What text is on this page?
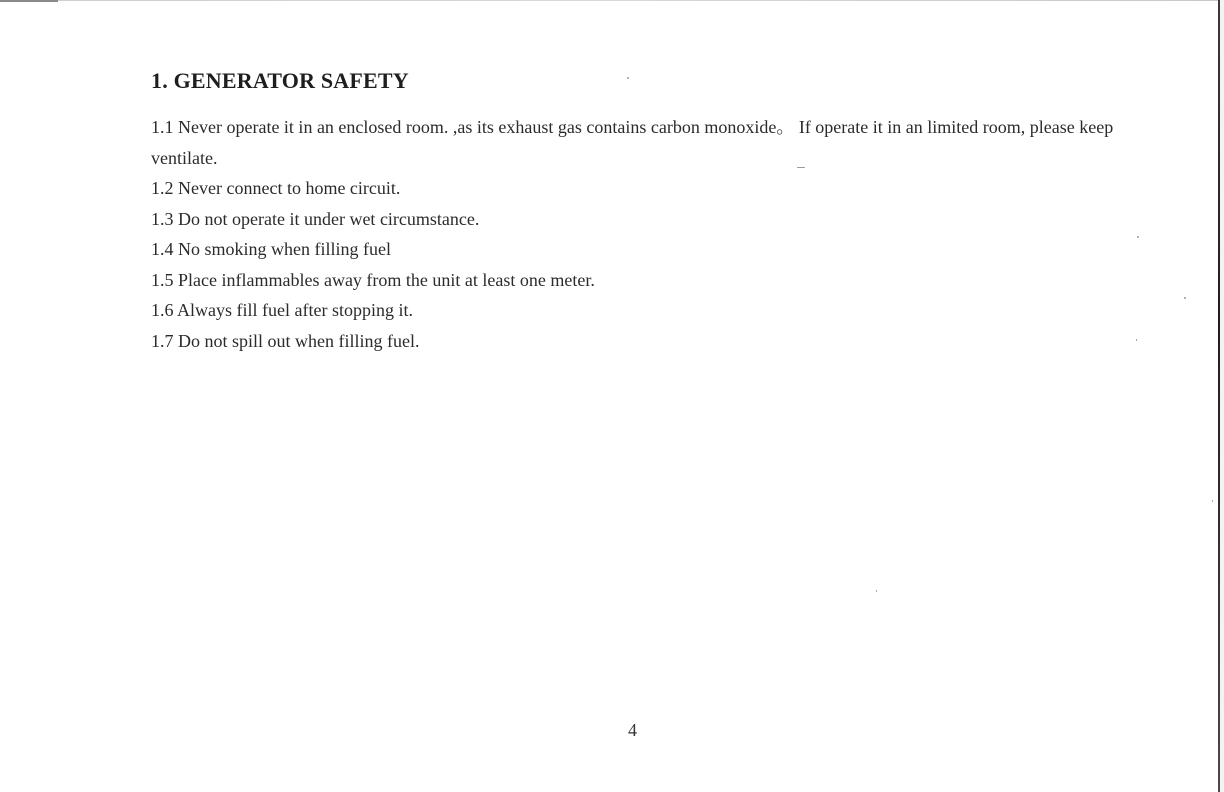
1. GENERATOR SAFETY

1.1 Never operate it in an enclosed room. ,as its exhaust gas contains carbon monoxide。 If operate it in an limited room, please keep ventilate.

1.2 Never connect to home circuit.

1.3 Do not operate it under wet circumstance.

1.4 No smoking when filling fuel

1.5 Place inflammables away from the unit at least one meter.

1.6 Always fill fuel after stopping it.

1.7 Do not spill out when filling fuel.

4
